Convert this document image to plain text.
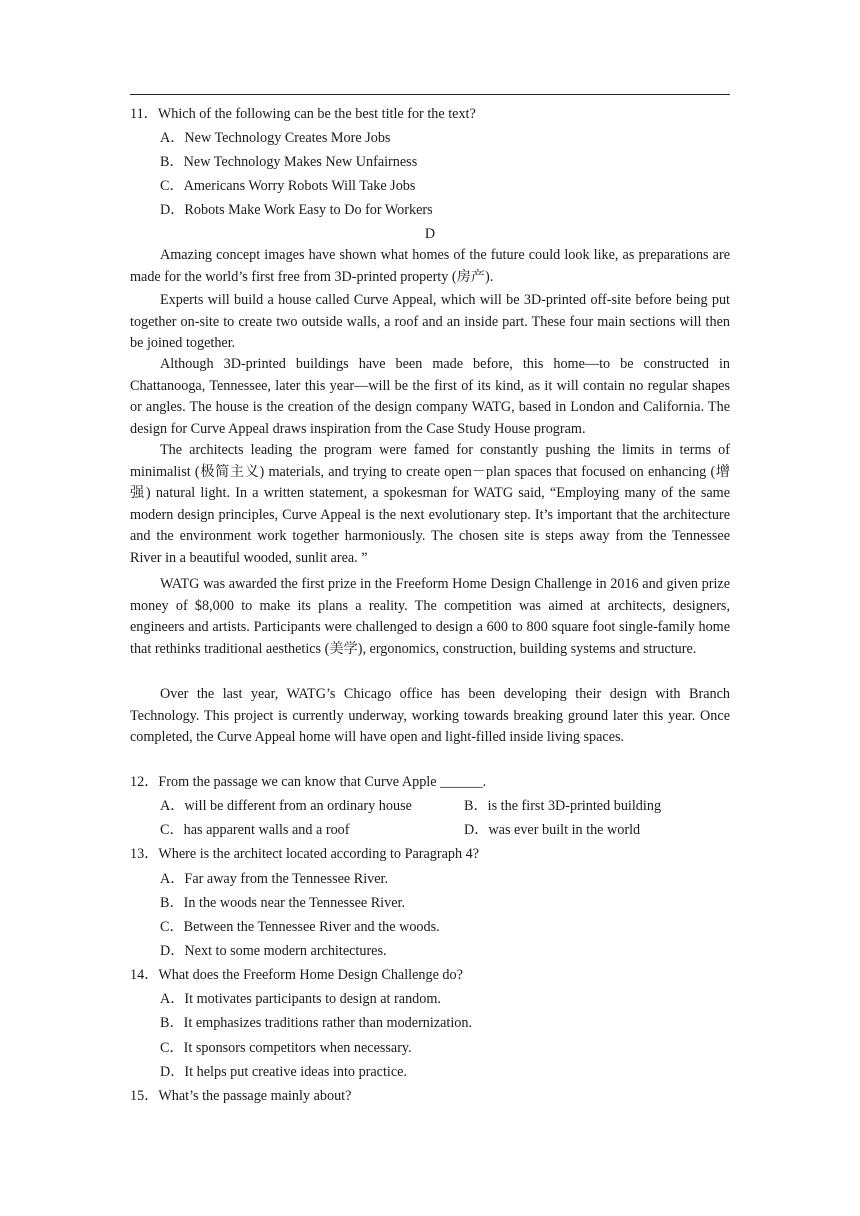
11．Which of the following can be the best title for the text?
A．New Technology Creates More Jobs
B．New Technology Makes New Unfairness
C．Americans Worry Robots Will Take Jobs
D．Robots Make Work Easy to Do for Workers
D
Amazing concept images have shown what homes of the future could look like, as preparations are made for the world’s first free from 3D-printed property (房产).
Experts will build a house called Curve Appeal, which will be 3D-printed off-site before being put together on-site to create two outside walls, a roof and an inside part. These four main sections will then be joined together.
Although 3D-printed buildings have been made before, this home—to be constructed in Chattanooga, Tennessee, later this year—will be the first of its kind, as it will contain no regular shapes or angles. The house is the creation of the design company WATG, based in London and California. The design for Curve Appeal draws inspiration from the Case Study House program.
The architects leading the program were famed for constantly pushing the limits in terms of minimalist (极简主义) materials, and trying to create open－plan spaces that focused on enhancing (增强) natural light. In a written statement, a spokesman for WATG said, “Employing many of the same modern design principles, Curve Appeal is the next evolutionary step. It’s important that the architecture and the environment work together harmoniously. The chosen site is steps away from the Tennessee River in a beautiful wooded, sunlit area. ”
WATG was awarded the first prize in the Freeform Home Design Challenge in 2016 and given prize money of $8,000 to make its plans a reality. The competition was aimed at architects, designers, engineers and artists. Participants were challenged to design a 600 to 800 square foot single-family home that rethinks traditional aesthetics (美学), ergonomics, construction, building systems and structure.
Over the last year, WATG’s Chicago office has been developing their design with Branch Technology. This project is currently underway, working towards breaking ground later this year. Once completed, the Curve Appeal home will have open and light-filled inside living spaces.
12．From the passage we can know that Curve Apple ______.
A．will be different from an ordinary house	B．is the first 3D-printed building
C．has apparent walls and a roof	D．was ever built in the world
13．Where is the architect located according to Paragraph 4?
A．Far away from the Tennessee River.
B．In the woods near the Tennessee River.
C．Between the Tennessee River and the woods.
D．Next to some modern architectures.
14．What does the Freeform Home Design Challenge do?
A．It motivates participants to design at random.
B．It emphasizes traditions rather than modernization.
C．It sponsors competitors when necessary.
D．It helps put creative ideas into practice.
15．What’s the passage mainly about?
